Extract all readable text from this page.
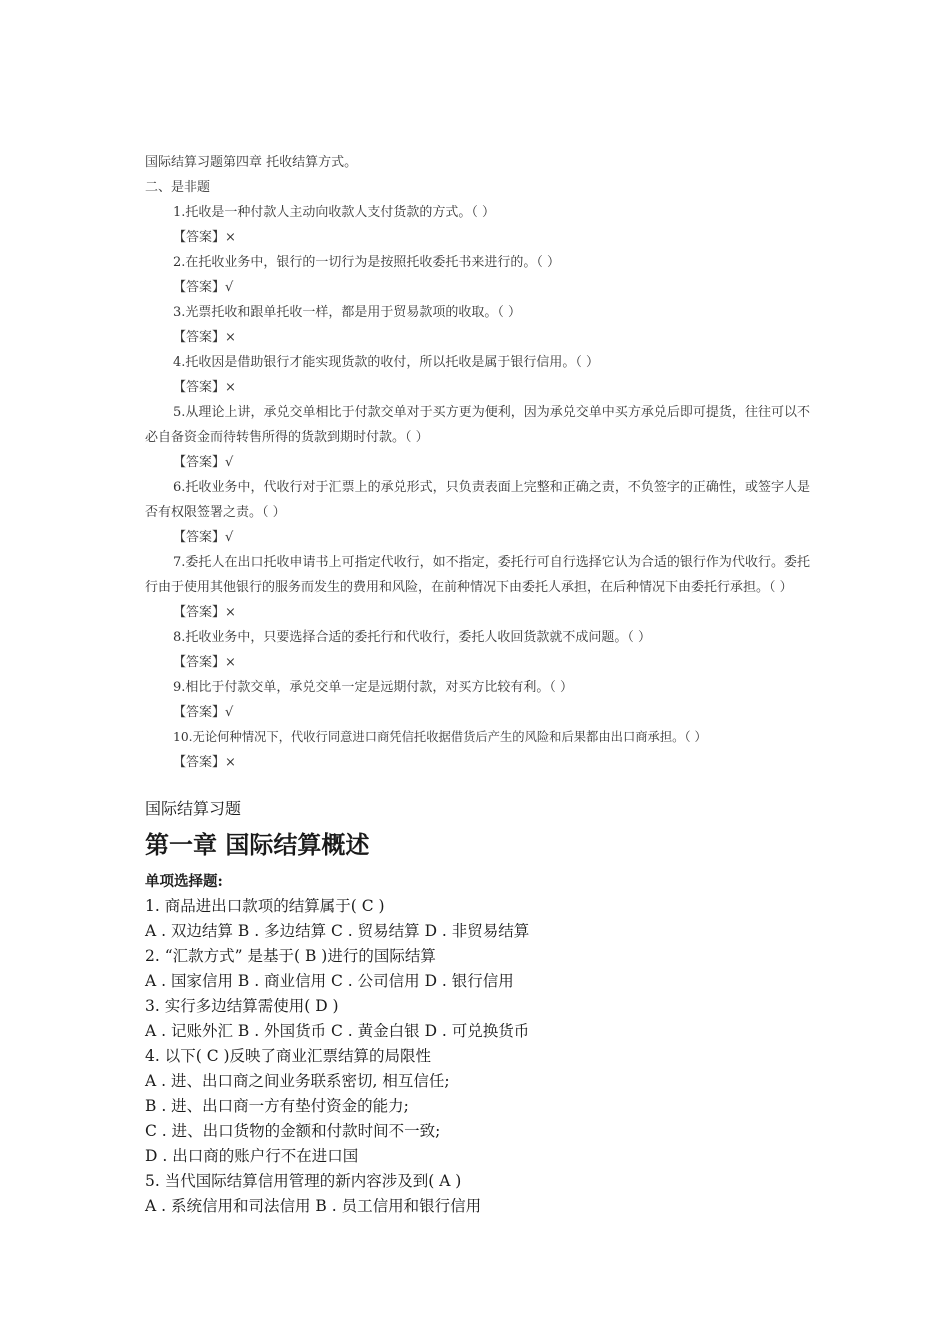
国际结算习题第四章 托收结算方式。
二、是非题
1.托收是一种付款人主动向收款人支付货款的方式。（ ）
【答案】×
2.在托收业务中，银行的一切行为是按照托收委托书来进行的。（ ）
【答案】√
3.光票托收和跟单托收一样，都是用于贸易款项的收取。（ ）
【答案】×
4.托收因是借助银行才能实现货款的收付，所以托收是属于银行信用。（ ）
【答案】×
5.从理论上讲，承兑交单相比于付款交单对于买方更为便利，因为承兑交单中买方承兑后即可提货，往往可以不必自备资金而待转售所得的货款到期时付款。（ ）
【答案】√
6.托收业务中，代收行对于汇票上的承兑形式，只负责表面上完整和正确之责，不负签字的正确性，或签字人是否有权限签署之责。（ ）
【答案】√
7.委托人在出口托收申请书上可指定代收行，如不指定，委托行可自行选择它认为合适的银行作为代收行。委托行由于使用其他银行的服务而发生的费用和风险，在前种情况下由委托人承担，在后种情况下由委托行承担。（ ）
【答案】×
8.托收业务中，只要选择合适的委托行和代收行，委托人收回货款就不成问题。（ ）
【答案】×
9.相比于付款交单，承兑交单一定是远期付款，对买方比较有利。（ ）
【答案】√
10.无论何种情况下，代收行同意进口商凭信托收据借货后产生的风险和后果都由出口商承担。（ ）
【答案】×
国际结算习题
第一章 国际结算概述
单项选择题:
1. 商品进出口款项的结算属于( C )
A . 双边结算 B . 多边结算 C . 贸易结算 D . 非贸易结算
2. “汇款方式” 是基于( B )进行的国际结算
A . 国家信用 B . 商业信用 C . 公司信用 D . 银行信用
3. 实行多边结算需使用( D )
A . 记账外汇 B . 外国货币 C . 黄金白银 D . 可兑换货币
4. 以下( C )反映了商业汇票结算的局限性
A . 进、出口商之间业务联系密切, 相互信任;
B . 进、出口商一方有垫付资金的能力;
C . 进、出口货物的金额和付款时间不一致;
D . 出口商的账户行不在进口国
5. 当代国际结算信用管理的新内容涉及到( A )
A . 系统信用和司法信用 B . 员工信用和银行信用
